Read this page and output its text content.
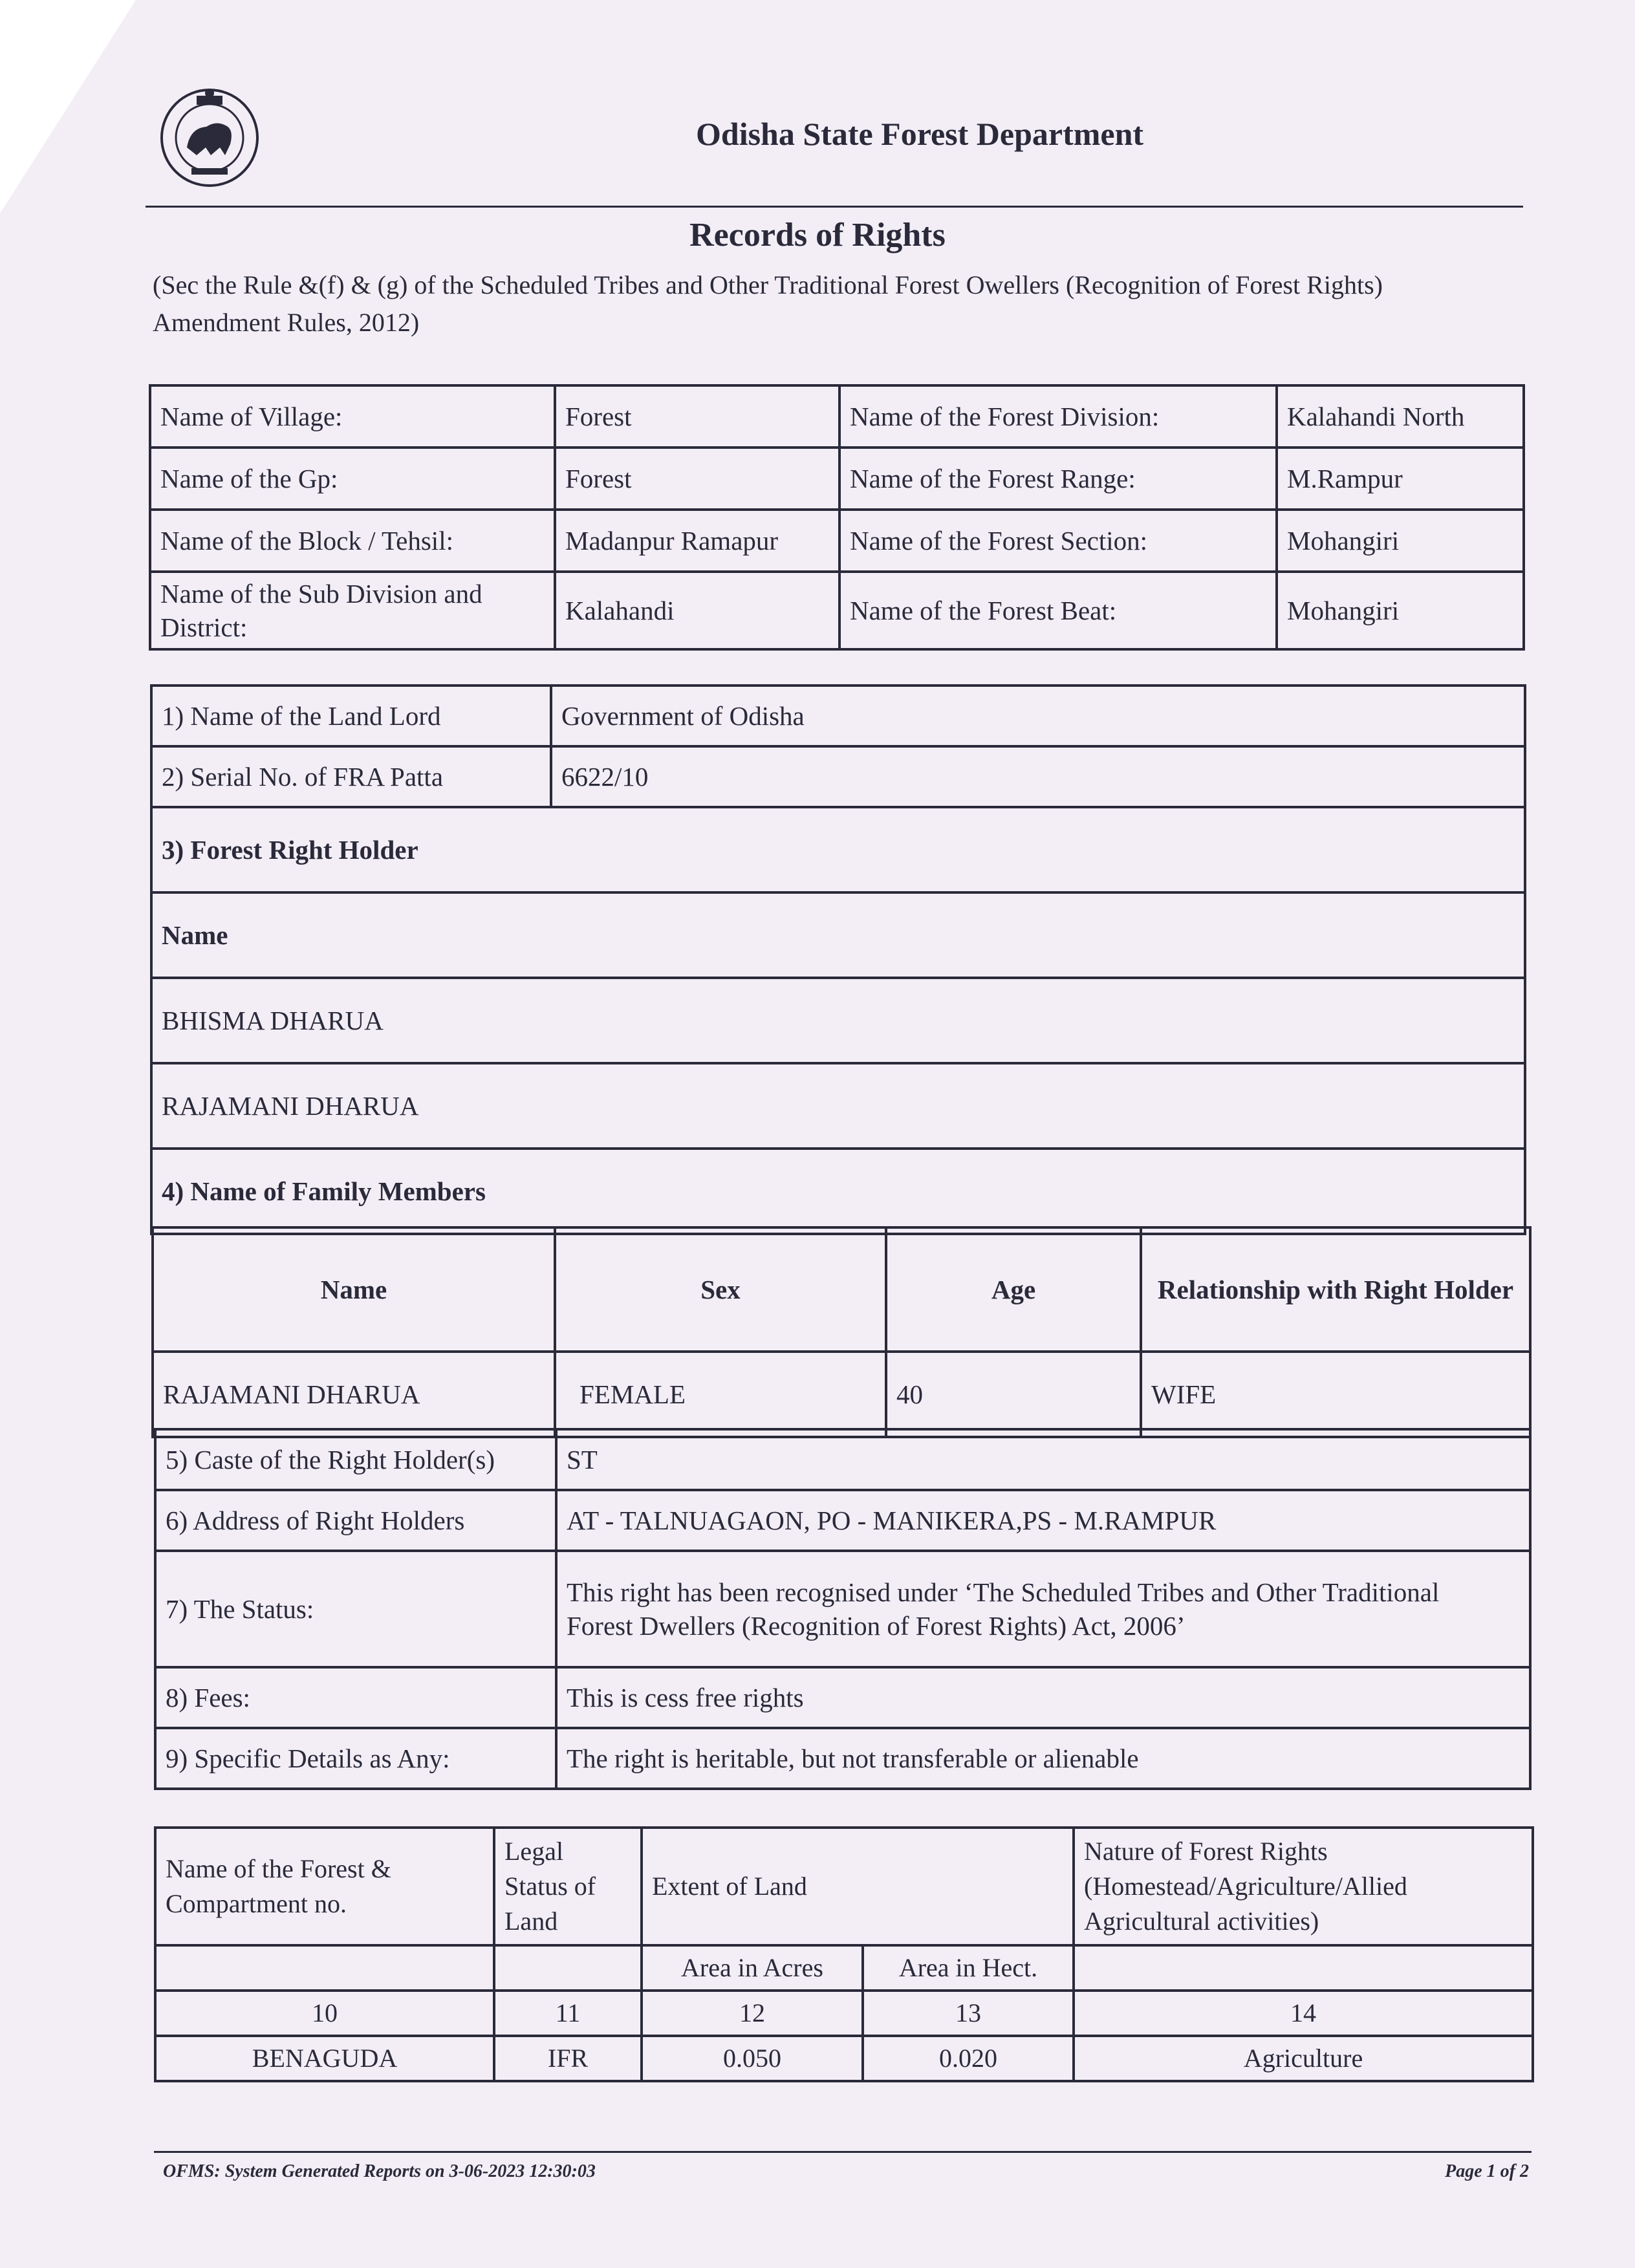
Odisha State Forest Department
Records of Rights
(Sec the Rule &(f) & (g) of the Scheduled Tribes and Other Traditional Forest Owellers (Recognition of Forest Rights) Amendment Rules, 2012)
Name of Village:	Forest	Name of the Forest Division:	Kalahandi North
Name of the Gp:	Forest	Name of the Forest Range:	M.Rampur
Name of the Block / Tehsil:	Madanpur Ramapur	Name of the Forest Section:	Mohangiri
Name of the Sub Division and District:	Kalahandi	Name of the Forest Beat:	Mohangiri
1) Name of the Land Lord	Government of Odisha
2) Serial No. of FRA Patta	6622/10
3) Forest Right Holder	
Name	
BHISMA DHARUA	
RAJAMANI DHARUA	
4) Name of Family Members	
Name	Sex	Age	Relationship with Right Holder
RAJAMANI DHARUA	FEMALE	40	WIFE
5) Caste of the Right Holder(s)	ST
6) Address of Right Holders	AT - TALNUAGAON, PO - MANIKERA,PS - M.RAMPUR
7) The Status:	This right has been recognised under ‘The Scheduled Tribes and Other Traditional
Forest Dwellers (Recognition of Forest Rights) Act, 2006’

8) Fees:	This is cess free rights
9) Specific Details as Any:	The right is heritable, but not transferable or alienable
Name of the Forest & Compartment no.	Legal Status of Land	Extent of Land		Nature of Forest Rights (Homestead/Agriculture/Allied Agricultural activities)
		Area in Acres	Area in Hect.	
10	11	12	13	14
BENAGUDA	IFR	0.050	0.020	Agriculture
OFMS: System Generated Reports on 3-06-2023 12:30:03	Page 1 of 2
